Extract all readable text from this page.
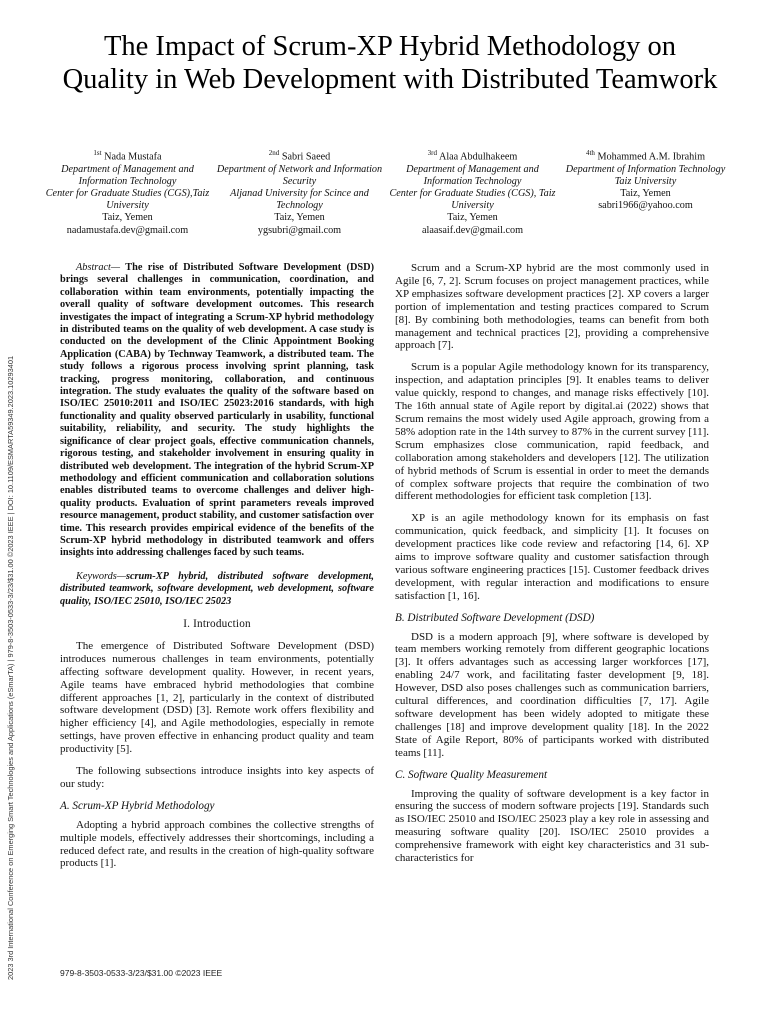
2023 3rd International Conference on Emerging Smart Technologies and Applications (eSmarTA) | 979-8-3503-0533-3/23/$31.00 ©2023 IEEE | DOI: 10.1109/ESMARTA59349.2023.10293401
The Impact of Scrum-XP Hybrid Methodology on Quality in Web Development with Distributed Teamwork
$^{1st}$ Nada Mustafa
Department of Management and Information Technology
Center for Graduate Studies (CGS),Taiz University
Taiz, Yemen
nadamustafa.dev@gmail.com
$^{2nd}$ Sabri Saeed
Department of Network and Information Security
Aljanad University for Scince and Technology
Taiz, Yemen
ygsubri@gmail.com
$^{3rd}$ Alaa Abdulhakeem
Department of Management and Information Technology
Center for Graduate Studies (CGS), Taiz University
Taiz, Yemen
alaasaif.dev@gmail.com
$^{4th}$ Mohammed A.M. Ibrahim
Department of Information Technology
Taiz University
Taiz, Yemen
sabri1966@yahoo.com

Abstract— The rise of Distributed Software Development (DSD) brings several challenges in communication, coordination, and collaboration within team environments, potentially impacting the overall quality of software development outcomes. This research investigates the impact of integrating a Scrum-XP hybrid methodology in distributed teams on the quality of web development. A case study is conducted on the development of the Clinic Appointment Booking Application (CABA) by Technway Teamwork, a distributed team. The study follows a rigorous process involving sprint planning, task tracking, progress monitoring, collaboration, and continuous integration. The study evaluates the quality of the software based on ISO/IEC 25010:2011 and ISO/IEC 25023:2016 standards, with high functionality and quality observed particularly in usability, functional suitability, reliability, and security. The study highlights the significance of clear project goals, effective communication channels, rigorous testing, and stakeholder involvement in ensuring quality in distributed web development. The integration of the hybrid Scrum-XP methodology and efficient communication and collaboration solutions enables distributed teams to overcome challenges and deliver high-quality products. Evaluation of sprint parameters reveals improved resource management, product stability, and customer satisfaction over time. This research provides empirical evidence of the benefits of the Scrum-XP hybrid methodology in distributed teamwork and offers insights into addressing challenges faced by such teams.

Keywords—scrum-XP hybrid, distributed software development, distributed teamwork, software development, web development, software quality, ISO/IEC 25010, ISO/IEC 25023

I. Introduction

The emergence of Distributed Software Development (DSD) introduces numerous challenges in team environments, potentially affecting software development quality. However, in recent years, Agile teams have embraced hybrid methodologies that combine different approaches [1, 2], particularly in the context of distributed software development (DSD) [3]. Remote work offers flexibility and higher efficiency [4], and Agile methodologies, especially in remote settings, have proven effective in enhancing product quality and team productivity [5].

The following subsections introduce insights into key aspects of our study:

A. Scrum-XP Hybrid Methodology

Adopting a hybrid approach combines the collective strengths of multiple models, effectively addresses their shortcomings, including a reduced defect rate, and results in the creation of high-quality software products [1].

Scrum and a Scrum-XP hybrid are the most commonly used in Agile [6, 7, 2]. Scrum focuses on project management practices, while XP emphasizes software development practices [2]. XP covers a larger portion of implementation and testing practices compared to Scrum [8]. By combining both methodologies, teams can benefit from both management and technical practices [2], providing a comprehensive approach [7].

Scrum is a popular Agile methodology known for its transparency, inspection, and adaptation principles [9]. It enables teams to deliver value quickly, respond to changes, and manage risks effectively [10]. The 16th annual state of Agile report by digital.ai (2022) shows that Scrum remains the most widely used Agile approach, growing from a 58% adoption rate in the 14th survey to 87% in the current survey [11]. Scrum emphasizes close communication, rapid feedback, and collaboration among stakeholders and developers [12]. The utilization of hybrid methods of Scrum is essential in order to meet the demands of complex software projects that require the combination of two different methodologies for efficient task completion [13].

XP is an agile methodology known for its emphasis on fast communication, quick feedback, and simplicity [1]. It focuses on development practices like code review and refactoring [14, 6]. XP aims to improve software quality and customer satisfaction through various software engineering practices [15]. Customer feedback drives development, with regular interaction and modifications to ensure satisfaction [1, 16].

B. Distributed Software Development (DSD)

DSD is a modern approach [9], where software is developed by team members working remotely from different geographic locations [3]. It offers advantages such as accessing larger workforces [17], enabling 24/7 work, and facilitating faster development [9, 18]. However, DSD also poses challenges such as communication barriers, cultural differences, and coordination difficulties [7, 17]. Agile software development has been widely adopted to mitigate these challenges [18] and improve development quality [18]. In the 2022 State of Agile Report, 80% of participants worked with distributed teams [11].

C. Software Quality Measurement

Improving the quality of software development is a key factor in ensuring the success of modern software projects [19]. Standards such as ISO/IEC 25010 and ISO/IEC 25023 play a key role in assessing and measuring software quality [20]. ISO/IEC 25010 provides a comprehensive framework with eight key characteristics and 31 sub-characteristics for

979-8-3503-0533-3/23/$31.00 ©2023 IEEE
